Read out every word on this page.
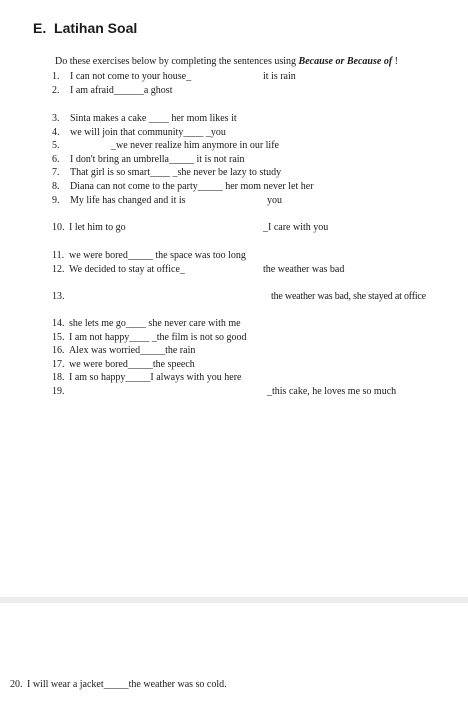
E. Latihan Soal
Do these exercises below by completing the sentences using Because or Because of !
1. I can not come to your house_	it is rain
2. I am afraid______a ghost
3. Sinta makes a cake ____ her mom likes it
4. we will join that community____ _you
5.	_we never realize him anymore in our life
6. I don't bring an umbrella_____ it is not rain
7. That girl is so smart____ _she never be lazy to study
8. Diana can not come to the party_____ her mom never let her
9. My life has changed and it is	you
10. I let him to go	_I care with you
11. we were bored_____ the space was too long
12. We decided to stay at office_	the weather was bad
13.	the weather was bad, she stayed at office
14. she lets me go____ she never care with me
15. I am not happy____ _the film is not so good
16. Alex was worried_____the rain
17. we were bored_____the speech
18. I am so happy_____I always with you here
19.	_this cake, he loves me so much
20. I will wear a jacket_____the weather was so cold.
